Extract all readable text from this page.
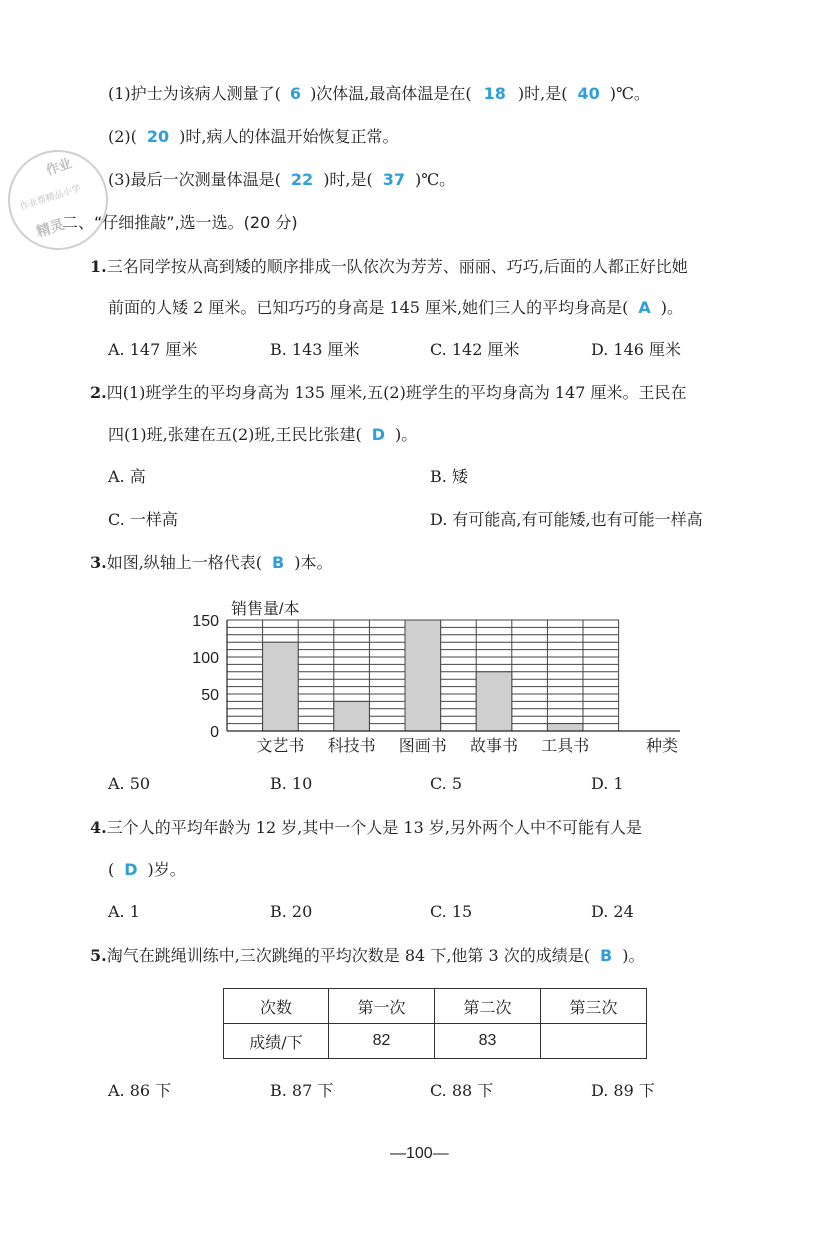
作业
作业帮精品小学
精灵
(1)护士为该病人测量了( 6 )次体温,最高体温是在( 18 )时,是( 40 )℃。
(2)( 20 )时,病人的体温开始恢复正常。
(3)最后一次测量体温是( 22 )时,是( 37 )℃。
二、“仔细推敲”,选一选。(20 分)
1.三名同学按从高到矮的顺序排成一队依次为芳芳、丽丽、巧巧,后面的人都正好比她
前面的人矮 2 厘米。已知巧巧的身高是 145 厘米,她们三人的平均身高是( A )。
A. 147 厘米	B. 143 厘米	C. 142 厘米	D. 146 厘米
2.四(1)班学生的平均身高为 135 厘米,五(2)班学生的平均身高为 147 厘米。王民在
四(1)班,张建在五(2)班,王民比张建( D )。
A. 高	B. 矮
C. 一样高	D. 有可能高,有可能矮,也有可能一样高
3.如图,纵轴上一格代表( B )本。
0
50
100
150
销售量/本
文艺书 科技书 图画书 故事书 工具书	种类
A. 50	B. 10	C. 5	D. 1
4.三个人的平均年龄为 12 岁,其中一个人是 13 岁,另外两个人中不可能有人是
( D )岁。
A. 1	B. 20	C. 15	D. 24
5.淘气在跳绳训练中,三次跳绳的平均次数是 84 下,他第 3 次的成绩是( B )。
次数	第一次	第二次	第三次
成绩/下	82	83	
A. 86 下	B. 87 下	C. 88 下	D. 89 下
—100—
